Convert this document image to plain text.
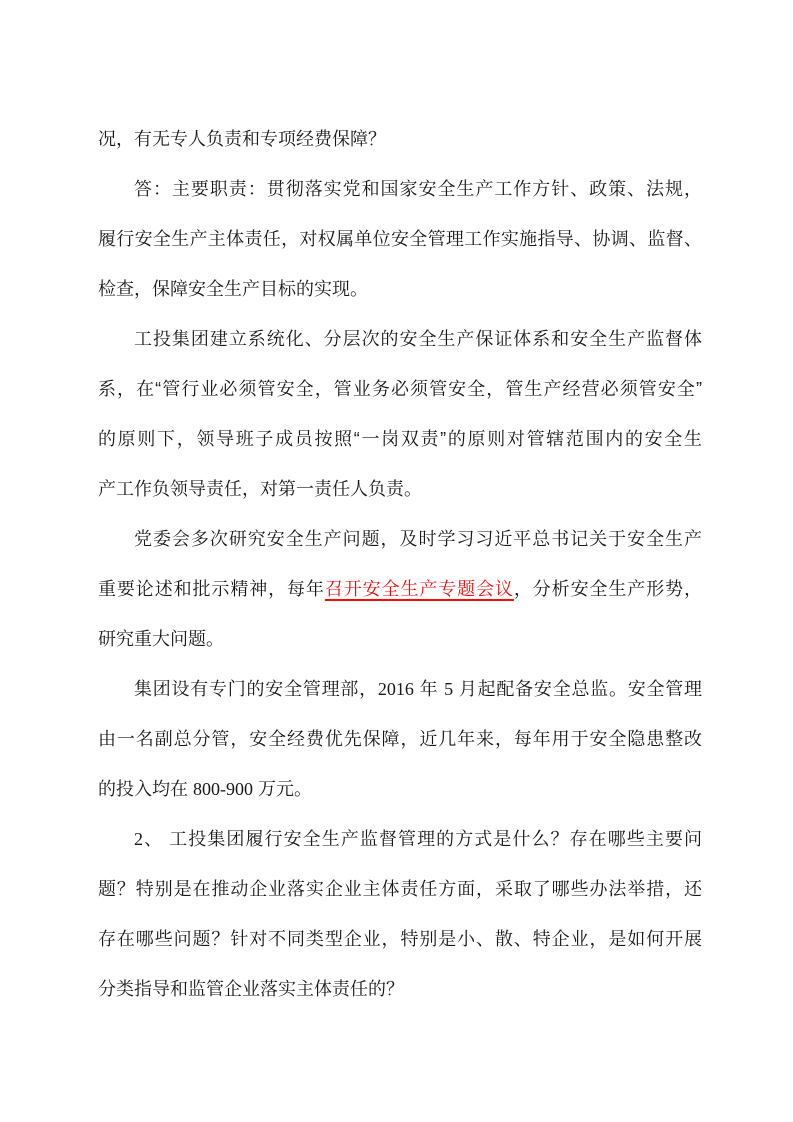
况，有无专人负责和专项经费保障？
答：主要职责：贯彻落实党和国家安全生产工作方针、政策、法规，
履行安全生产主体责任，对权属单位安全管理工作实施指导、协调、监督、
检查，保障安全生产目标的实现。
工投集团建立系统化、分层次的安全生产保证体系和安全生产监督体
系，在“管行业必须管安全，管业务必须管安全，管生产经营必须管安全”
的原则下，领导班子成员按照“一岗双责”的原则对管辖范围内的安全生
产工作负领导责任，对第一责任人负责。
党委会多次研究安全生产问题，及时学习习近平总书记关于安全生产
重要论述和批示精神，每年召开安全生产专题会议，分析安全生产形势，
研究重大问题。
集团设有专门的安全管理部，2016 年 5 月起配备安全总监。安全管理
由一名副总分管，安全经费优先保障，近几年来，每年用于安全隐患整改
的投入均在 800-900 万元。
2、 工投集团履行安全生产监督管理的方式是什么？存在哪些主要问
题？特别是在推动企业落实企业主体责任方面，采取了哪些办法举措，还
存在哪些问题？针对不同类型企业，特别是小、散、特企业，是如何开展
分类指导和监管企业落实主体责任的？
